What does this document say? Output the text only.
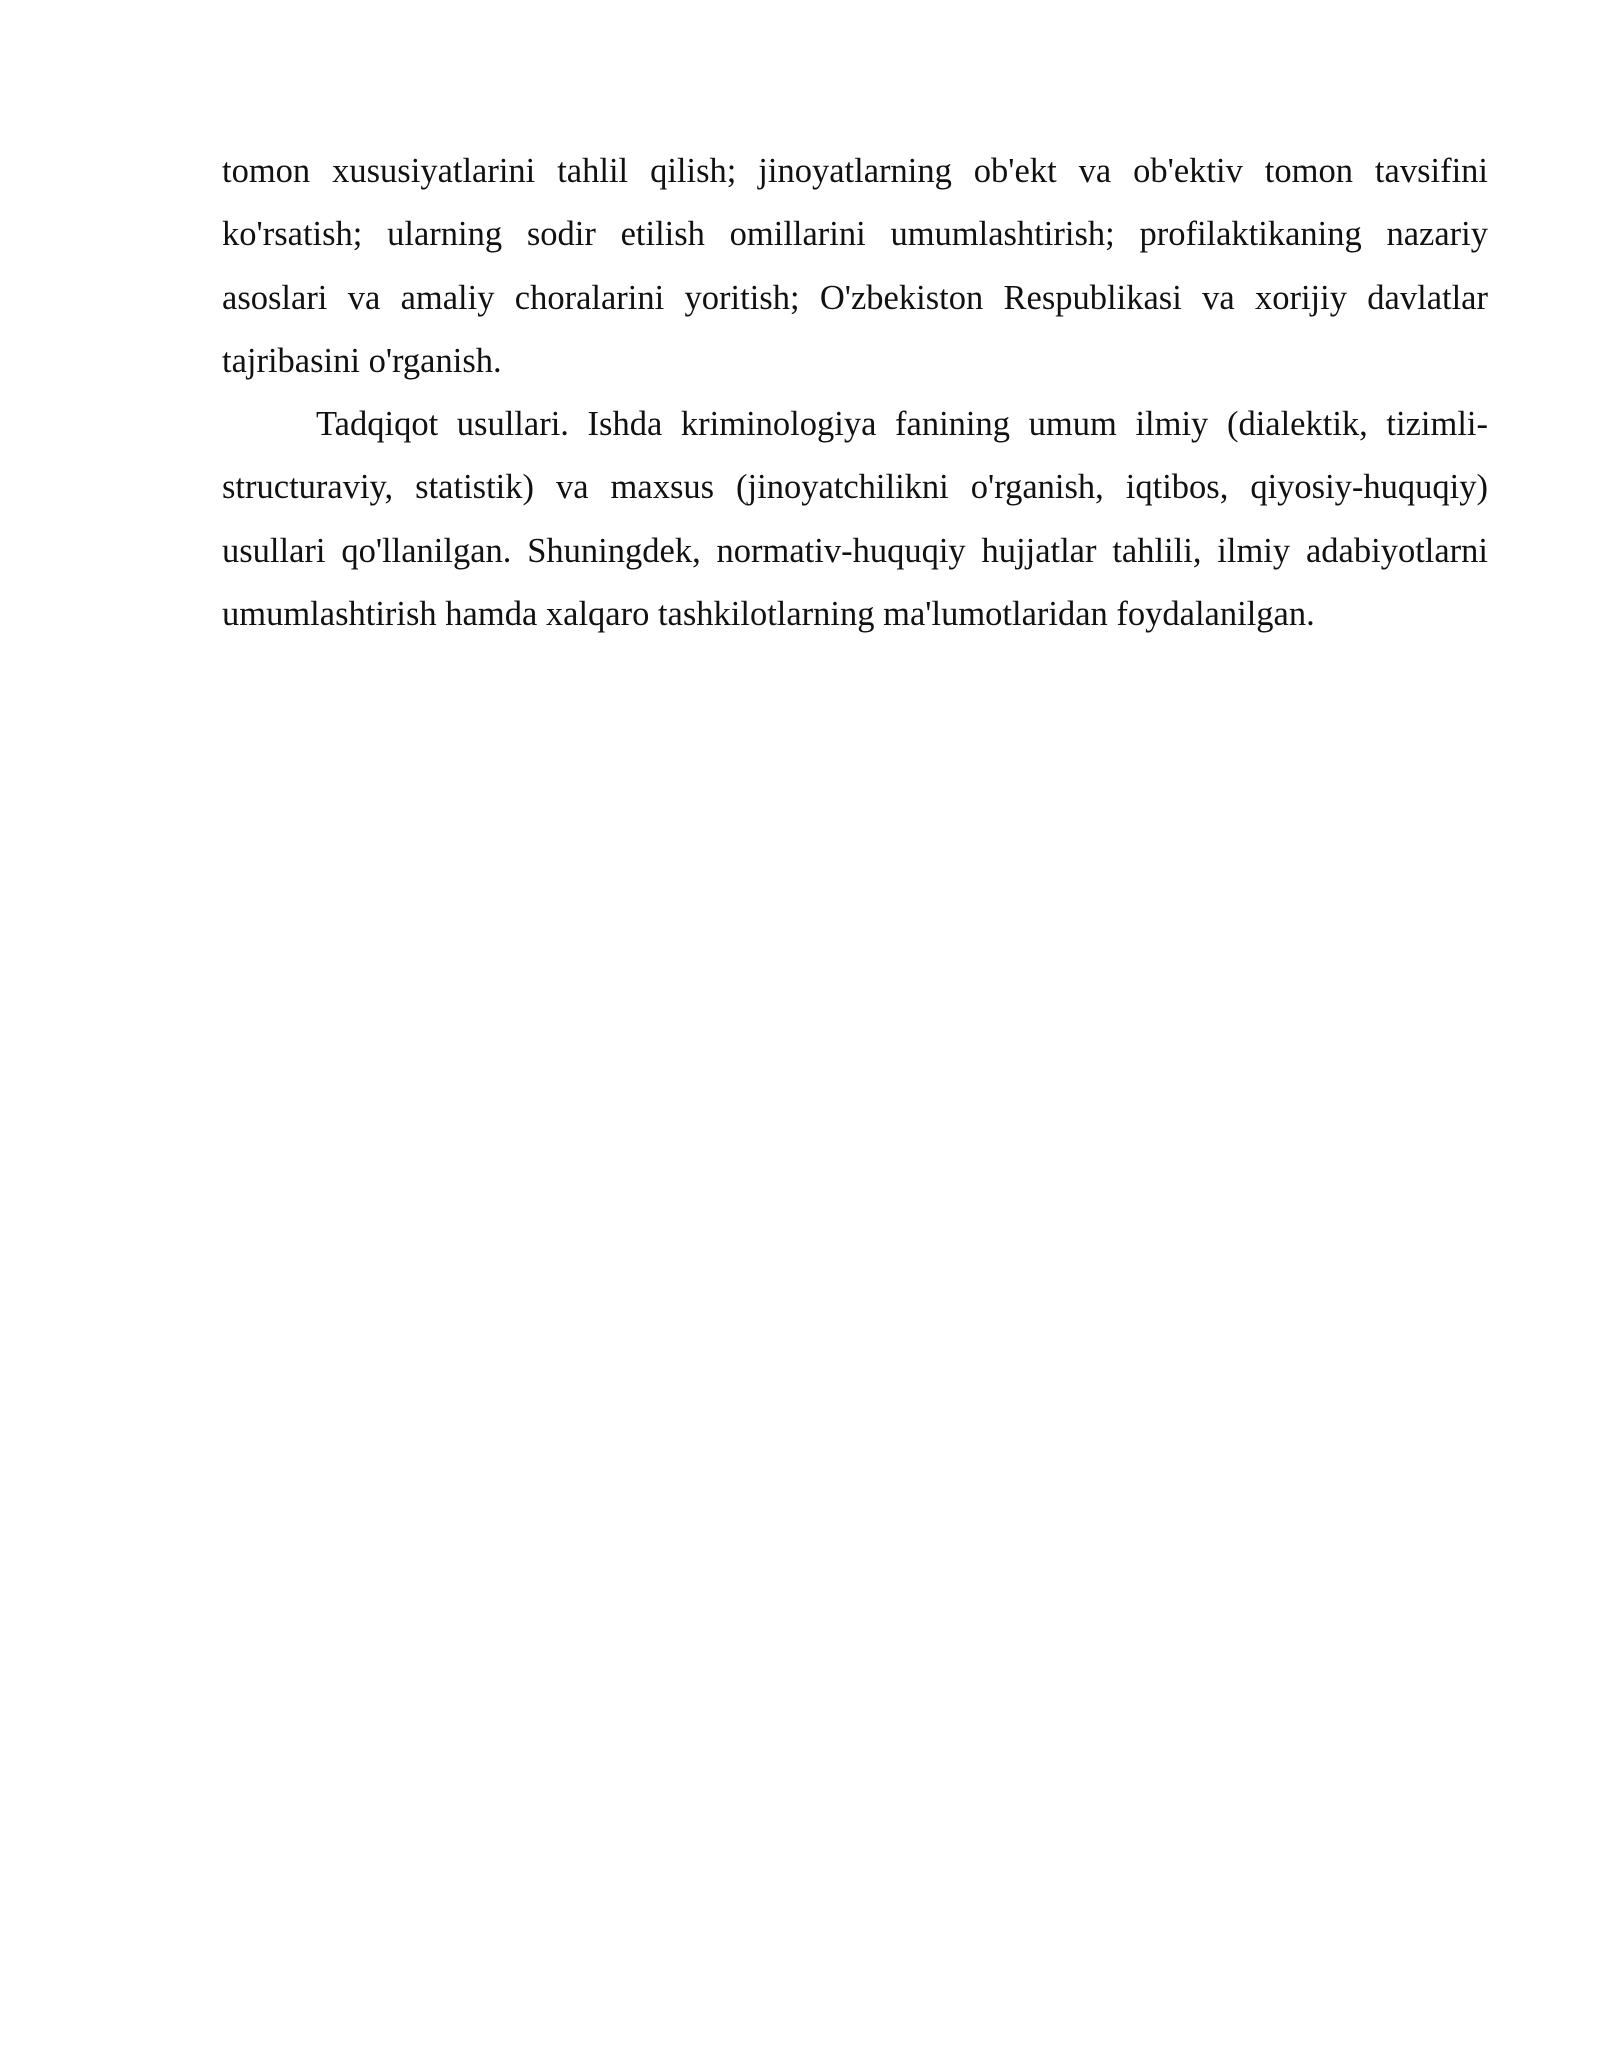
tomon xususiyatlarini tahlil qilish; jinoyatlarning ob'ekt va ob'ektiv tomon tavsifini ko'rsatish; ularning sodir etilish omillarini umumlashtirish; profilaktikaning nazariy asoslari va amaliy choralarini yoritish; O'zbekiston Respublikasi va xorijiy davlatlar tajribasini o'rganish.

Tadqiqot usullari. Ishda kriminologiya fanining umum ilmiy (dialektik, tizimli-structuraviy, statistik) va maxsus (jinoyatchilikni o'rganish, iqtibos, qiyosiy-huquqiy) usullari qo'llanilgan. Shuningdek, normativ-huquqiy hujjatlar tahlili, ilmiy adabiyotlarni umumlashtirish hamda xalqaro tashkilotlarning ma'lumotlaridan foydalanilgan.
